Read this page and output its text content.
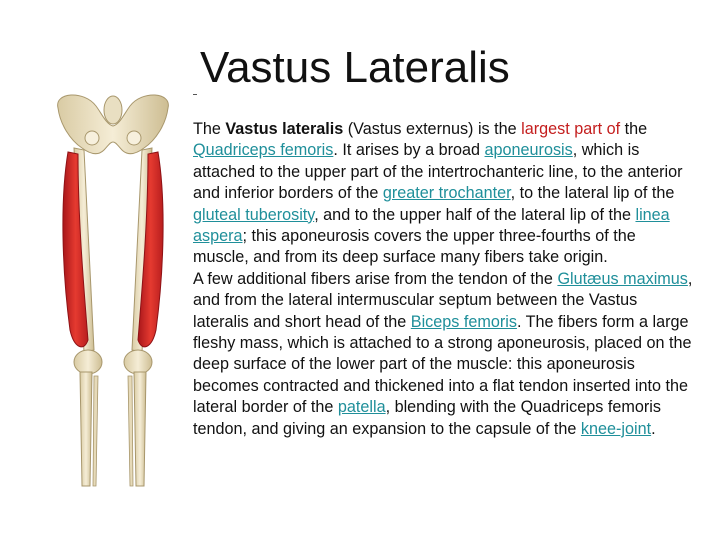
Vastus Lateralis

The Vastus lateralis (Vastus externus) is the largest part of the Quadriceps femoris. It arises by a broad aponeurosis, which is attached to the upper part of the intertrochanteric line, to the anterior and inferior borders of the greater trochanter, to the lateral lip of the gluteal tuberosity, and to the upper half of the lateral lip of the linea aspera; this aponeurosis covers the upper three-fourths of the muscle, and from its deep surface many fibers take origin.

A few additional fibers arise from the tendon of the Glutæus maximus, and from the lateral intermuscular septum between the Vastus lateralis and short head of the Biceps femoris. The fibers form a large fleshy mass, which is attached to a strong aponeurosis, placed on the deep surface of the lower part of the muscle: this aponeurosis becomes contracted and thickened into a flat tendon inserted into the lateral border of the patella, blending with the Quadriceps femoris tendon, and giving an expansion to the capsule of the knee-joint.
